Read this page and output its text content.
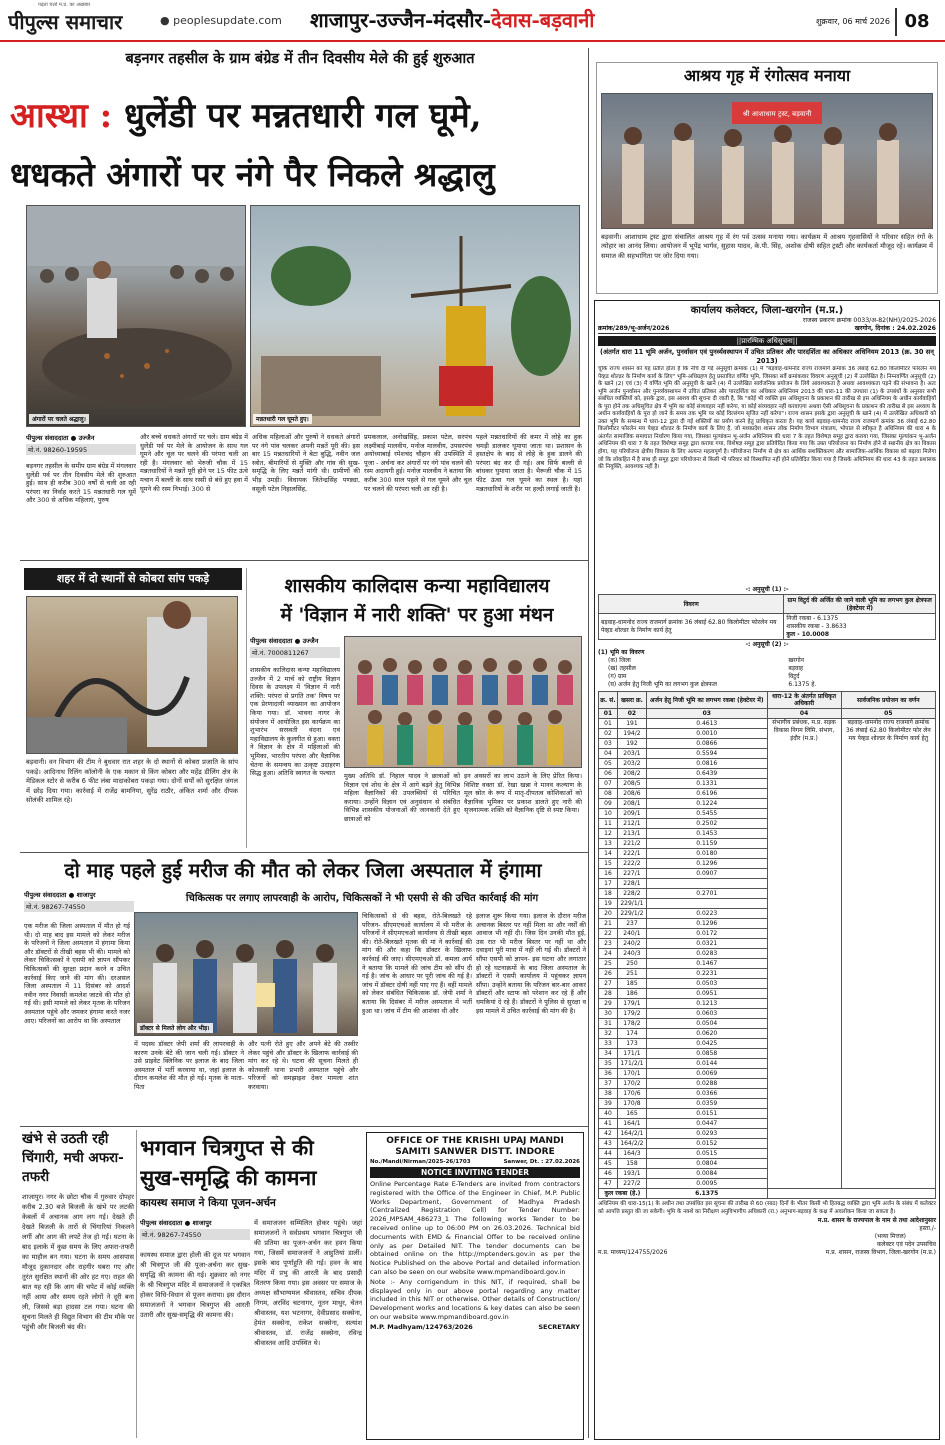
पढ़ता चलो म.प्र. का अख़बार
पीपुल्स समाचार	● peoplesupdate.com	शाजापुर-उज्जैन-मंदसौर-देवास-बड़वानी	शुक्रवार, 06 मार्च 2026 08
बड़नगर तहसील के ग्राम बंग्रेड में तीन दिवसीय मेले की हुई शुरुआत
आस्था : धुलेंडी पर मन्नतधारी गल घूमे,
धधकते अंगारों पर नंगे पैर निकले श्रद्धालु
अंगारों पर चलते श्रद्धालु।	मन्नतधारी गल घूमते हुए।
पीपुल्स संवाददाता ● उज्जैन
मो.नं. 98260-19595
बड़नगर तहसील के समीप ग्राम बंग्रेड में मंगलवार धुलेंडी पर्व पर तीन दिवसीय मेले की शुरुआत हुई। साथ ही करीब 300 वर्षों से चली आ रही परंपरा का निर्वाह करते 15 मन्नतधारी गल घूमें और 300 से अधिक महिलाएं, पुरुष
और बच्चे धधकते अंगारों पर चले। ग्राम बंग्रेड में धुलेंडी पर्व पर मेले के आयोजन के साथ गल घूमने और चूल पर चलने की परंपरा चली आ रही है। मंगलवार को भेरुजी चौक में 15 मन्नतधारियों ने मन्नतें पूरी होने पर 15 फीट ऊंचे मचान में बल्ली के साथ रस्सी से बंधे हुए हवा में घूमने की रस्म निभाई। 300 से
अधिक महिलाओं और पुरुषों ने धधकते अंगारों पर नंगे पांव चलकर अपनी मन्नतें पूरी की। इस बार 15 मन्नतधारियों ने बेटा बुद्धि, नवीन जल स्त्रोत, बीमारियों से मुक्ति और गांव की सुख-समृद्धि के लिए मन्नतें मांगी थी। ग्रामीणों की भीड़ उमड़ी। विधायक जितेन्द्रसिंह पण्ड्या, वसूली पटेल निहालसिंह,
प्रमकलाल, अनोखसिंह, प्रकाश पटेल, सरपंच लक्ष्मीबाई मालवीय, मनोज मालवीय, उपसरपंच अयोध्याबाई रमेशचंद चौहान की उपस्थिति में पूजा - अर्चना कर अंगारों पर नंगे पांव चलने की रस्म अदायगी हुई। मनोज मालवीय ने बताया कि करीब 300 साल पहले से गल घूमने और चूल पर चलने की परंपरा चली आ रही है।
पहले मन्नतधारियों की कमर में लोहे का हुक चमड़ी डालकर घूमाया जाता था। प्रशासन के हस्तक्षेप के बाद से लोहे के हुक डालने की परंपरा बंद कर दी गई। अब सिर्फ बल्ली से बांधकर घुमाया जाता है। भैरूजी चौक में 15 फीट ऊंचा गल घूमने का स्थल है। यहां मन्नतधारियों के शरीर पर हल्दी लगाई जाती है।
आश्रय गृह में रंगोत्सव मनाया
श्री आशाधाम ट्रस्ट, बड़वानी
बड़वानी। आशाधाम ट्रस्ट द्वारा संचालित आश्रय गृह में रंग पर्व उत्सव मनाया गया। कार्यक्रम में आश्रय गृहवासियों ने परिवार सहित रंगों के त्योहार का आनंद लिया। आयोजन में भूपेंद्र भार्गव, सुहास यादव, के.पी. सिंह, अशोक दोषी सहित ट्रस्टी और कार्यकर्ता मौजूद रहे। कार्यक्रम में समाज की सहभागिता पर जोर दिया गया।
शहर में दो स्थानों से कोबरा सांप पकड़े
बड़वानी। वन विभाग की टीम ने बुधवार रात शहर के दो स्थानों से कोबरा प्रजाति के सांप पकड़े। आदिनाथ रिलिंग कॉलोनी के एक मकान से किंग कोबरा और महेंद्र डीलिंग क्षेत्र के मेडिकल स्टोर से करीब 6 फीट लंबा मादाकोबरा पकड़ा गया। दोनों सर्पों को सुरक्षित जंगल में छोड़ दिया गया। कार्रवाई में राजेंद्र बामनिया, सुरेंद्र राठौर, अंकित शर्मा और दीपक सोलंकी शामिल रहे।
शासकीय कालिदास कन्या महाविद्यालय
में 'विज्ञान में नारी शक्ति' पर हुआ मंथन
पीपुल्स संवाददाता ● उज्जैन
मो.नं. 7000811267
शासकीय कालिदास कन्या महाविद्यालय उज्जैन में 2 मार्च को राष्ट्रीय विज्ञान दिवस के उपलक्ष्य में 'विज्ञान में नारी शक्ति: परंपरा से प्रगति तक' विषय पर एक प्रेरणादायी व्याख्यान का आयोजन किया गया। डॉ. भावना नागर के संयोजन में आयोजित इस कार्यक्रम का शुभारंभ सरस्वती वंदना एवं महाविद्यालय के कुलगीत से हुआ। वक्ता ने विज्ञान के क्षेत्र में महिलाओं की भूमिका, भारतीय परंपरा और वैज्ञानिक चेतना के समन्वय का उत्कृष्ट उदाहरण सिद्ध हुआ। अतिथि स्वागत के पश्चात	मुख्य अतिथि डॉ. निहाल यादव ने छात्राओं को विज्ञान एवं शोध के क्षेत्र में आगे बढ़ने हेतु विभिन्न महिला वैज्ञानिकों की उपलब्धियों से परिचित कराया। उन्होंने विज्ञान एवं अनुसंधान से संबंधित विभिन्न शासकीय योजनाओं की जानकारी देते हुए छात्राओं को
इन अवसरों का लाभ उठाने के लिए प्रेरित किया। विशिष्ट वक्ता डॉ. रेखा खन्ना ने मानव कल्याण के मूल स्रोत के रूप में मातृ-दीपतत्व कोशिकाओं को वैज्ञानिक भूमिका पर प्रकाश डालते हुए नारी की सृजनात्मक शक्ति को वैज्ञानिक दृष्टि से स्पष्ट किया।
दो माह पहले हुई मरीज की मौत को लेकर जिला अस्पताल में हंगामा
पीपुल्स संवाददाता ● शाजापुर
मो.नं. 98267-74550
चिकित्सक पर लगाए लापरवाही के आरोप, चिकित्सकों ने भी एसपी से की उचित कार्रवाई की मांग
एक मरीज की जिला अस्पताल में मौत हो गई थी। दो माह बाद इस मामले को लेकर मरीज के परिजनों ने जिला अस्पताल में हंगामा किया और डॉक्टरों से तीखी बहस भी की। मामले को लेकर चिकित्सकों ने एसपी को ज्ञापन सौंपकर चिकित्सकों की सुरक्षा प्रदान करने व उचित कार्रवाई किए जाने की मांग की। दरअसल जिला अस्पताल में 11 दिसंबर को आदर्श नवीन नगर निवासी कमलेश जाटवे की मौत हो गई थी। इसी मामले को लेकर मृतक के परिजन अस्पताल पहुंचे और जमकर हंगामा करते नजर आए। परिजनों का आरोप था कि अस्पताल
डॉक्टर से मिलते लोग और भीड़।
में पदस्थ डॉक्टर जेपी शर्मा की लापरवाही के कारण उनके बेटे की जान चली गई। डॉक्टर ने उसे प्राइवेट क्लिनिक पर इलाज के बाद जिला अस्पताल में भर्ती करवाया था, जहां इलाज के दौरान कमलेश की मौत हो गई। मृतक के माता-पिता
और पत्नी रोते हुए और अपने बेटे की तस्वीर लेकर पहुंचे और डॉक्टर के खिलाफ कार्रवाई की मांग कर रहे थे। घटना की सूचना मिलते ही कोतवाली थाना प्रभारी अस्पताल पहुंचे और परिजनों को समझाइश देकर मामला शांत करवाया।
चिकित्सकों से की बहस, रोते-बिलखते रहे परिजन- सीएमएचओ कार्यालय में भी मरीज के परिजनों ने सीएमएचओ कार्यालय से तीखी बहस की। रोते-बिलखते मृतक की मां ने कार्रवाई की मांग की और कहा कि डॉक्टर के खिलाफ कार्रवाई की जाए। सीएमएचओ डॉ. कमला आर्य ने बताया कि मामले की जांच टीम को सौंप दी गई है। जांच के आधार पर पूरी जांच की गई है। जांच में डॉक्टर दोषी नहीं पाए गए हैं। वहीं मामले को लेकर संबंधित चिकित्सक डॉ. जेपी शर्मा ने बताया कि दिसंबर में मरीज अस्पताल में भर्ती हुआ था। जांच में टीम की आशंका थी और
इलाज शुरू किया गया। इलाज के दौरान मरीज अचानक बिस्तर पर नहीं मिला था और नर्सों की आवाज भी नहीं दी। जिस दिन उनकी मौत हुई, उस रात भी मरीज बिस्तर पर नहीं था और दवाइयां पूरी मात्रा में नहीं ली गई थी। डॉक्टरों ने सौंपा एसपी को ज्ञापन- इस घटना और लगातार हो रहे घटनाक्रमों के बाद जिला अस्पताल के डॉक्टरों ने एसपी कार्यालय में पहुंचकर ज्ञापन सौंपा। उन्होंने बताया कि परिजन बार-बार आकर डॉक्टरों और स्टाफ को परेशान कर रहे हैं और धमकियां दे रहे हैं। डॉक्टरों ने पुलिस से सुरक्षा व इस मामले में उचित कार्रवाई की मांग की है।
खंभे से उठती रही चिंगारी, मची अफरा-तफरी
शाजापुर। नगर के छोटा चौक में गुरुवार दोपहर करीब 2.30 बजे बिजली के खंभे पर लटकी केबलों में अचानक आग लग गई। देखते ही देखते बिजली के तारों से चिंगारियां निकलने लगीं और आग की लपटें तेज हो गईं। घटना के बाद इलाके में कुछ समय के लिए अफरा-तफरी का माहौल बन गया। घटना के समय आसपास मौजूद दुकानदार और राहगीर घबरा गए और तुरंत सुरक्षित स्थानों की ओर हट गए। राहत की बात यह रही कि आग की चपेट में कोई व्यक्ति नहीं आया और समय रहते लोगों ने दूरी बना ली, जिससे बड़ा हादसा टल गया। घटना की सूचना मिलते ही विद्युत विभाग की टीम मौके पर पहुंची और बिजली बंद की।
भगवान चित्रगुप्त से की
सुख-समृद्धि की कामना
कायस्थ समाज ने किया पूजन-अर्चन
पीपुल्स संवाददाता ● शाजापुर
मो.नं. 98267-74550
कायस्थ समाज द्वारा होली की दूज पर भगवान श्री चित्रगुप्त जी की पूजा-अर्चना कर सुख-समृद्धि की कामना की गई। शुक्रवार को नगर के श्री चित्रगुप्त मंदिर में समाजजनों ने एकत्रित होकर विधि-विधान से पूजन कराया। इस दौरान समाजजनों ने भगवान चित्रगुप्त की आरती उतारी और सुख-समृद्धि की कामना की।
में समाजजन सम्मिलित होकर पहुंचे। जहां समाजजनों ने सर्वप्रथम भगवान चित्रगुप्त जी की प्रतिमा का पूजन-अर्चन कर हवन किया गया, जिसमें समाजजनों ने आहुतियां डालीं। इसके बाद पूर्णाहुति की गई। हवन के बाद मंदिर में प्रभु की आरती के बाद प्रसादी वितरण किया गया। इस अवसर पर समाज के अध्यक्ष सौभाग्यमल श्रीवास्तव, सचिव दीपक निगम, अरविंद चटनागर, नूतन माथुर, चेतन श्रीवास्तव, यश भटनागर, देवीप्रसाद सक्सेना, हेमंत सक्सेना, राकेश सक्सेना, सत्यांश श्रीवास्तव, डॉ. राजेंद्र सक्सेना, रविन्द्र श्रीवास्तव आदि उपस्थित थे।
OFFICE OF THE KRISHI UPAJ MANDI
SAMITI SANWER DISTT. INDORE
No./Mandi/Nirman/2025-26/1703	Sanwer, Dt. : 27.02.2026
NOTICE INVITING TENDER
Online Percentage Rate E-Tenders are invited from contractors registered with the Office of the Engineer in Chief, M.P. Public Works Department, Government of Madhya Pradesh (Centralized Registration Cell) for Tender Number: 2026_MPSAM_486273_1 The following works Tender to be received online up to 06:00 PM on 26.03.2026. Technical bid documents with EMD & Financial Offer to be received online only as per Detailed NIT. The tender documents can be obtained online on the http://mptenders.gov.in as per the Notice Published on the above Portal and detailed information can also be seen on our website www.mpmandiboard.gov.in
Note :- Any corrigendum in this NIT, if required, shall be displayed only in our above portal regarding any matter included in this NIT or otherwise. Other details of Construction/ Development works and locations & key dates can also be seen on our website www.mpmandiboard.gov.in
M.P. Madhyam/124763/2026	SECRETARY
कार्यालय कलेक्टर, जिला-खरगोन (म.प्र.)
राजस्व प्रकरण क्रमांक 0033/अ-82(NH)/2025-2026
क्रमांक/289/भू-अर्जन/2026	खरगोन, दिनांक : 24.02.2026
||प्रारम्भिक अधिसूचना||
(अंतर्गत धारा 11 भूमि अर्जन, पुनर्वासन एवं पुनर्व्यवस्थापन में उचित प्रतिकर और पारदर्शिता का अधिकार अधिनियम 2013 (क्र. 30 सन् 2013)
चूंकि राज्य शासन को यह प्रतीत होता है कि नीचे दी गई अनुसूची क्रमांक (1) में "बड़वाह-धामनोद राज्य राजमार्ग क्रमांक 36 लंबाई 62.80 किलोमीटर फोरलेन मय पेव्हड शोल्डर के निर्माण कार्य के लिए" भूमि-अधिग्रहण हेतु प्रस्तावित वर्णित भूमि, जिसका सर्वे क्रमांकवार विवरण अनुसूची (2) में उल्लेखित है। निम्नवर्णित अनुसूची (2) के खाने (2) एवं (3) में वर्णित भूमि की अनुसूची के खाने (4) में उल्लेखित सार्वजनिक प्रयोजन के लिये आवश्यकता है अथवा आवश्यकता पड़ने की संभावना है। अतः भूमि अर्जन पुनर्वासन और पुनर्व्यवस्थापन में उचित प्रतिकर और पारदर्शिता का अधिकार अधिनियम 2013 की धारा-11 की उपधारा (1) के उपबंधों के अनुसार सभी संबंधित व्यक्तियों को, इसके द्वारा, इस आशय की सूचना दी जाती है, कि "कोई भी व्यक्ति इस अधिसूचना के प्रकाशन की तारीख से इस अधिनियम के अधीन कार्यवाहियों के पूरा होने तक अधिसूचित क्षेत्र में भूमि का कोई संव्यवहार नहीं करेगा, या कोई संव्यवहार नहीं करवाएगा अथवा ऐसी अधिसूचना के प्रकाशन की तारीख से इस अध्याय के अधीन कार्यवाहियों के पूरा हो जाने के समय तक भूमि पर कोई विल्लंगम सृजित नहीं करेगा"। राज्य शासन इसके द्वारा अनुसूची के खाने (4) में उल्लेखित अधिकारी को उक्त भूमि के सम्बन्ध में धारा-12 द्वारा दी गई शक्तियों का प्रयोग करने हेतु प्राधिकृत करता है। यह कार्य बड़वाह-धामनोद राज्य राजमार्ग क्रमांक 36 लंबाई 62.80 किलोमीटर फोरलेन मय पेव्हड शोल्डर के निर्माण कार्य के लिए है, जो मध्यप्रदेश शासन लोक निर्माण विभाग मंत्रालय, भोपाल से स्वीकृत है अधिनियम की धारा 4 के अंतर्गत सामाजिक समाघात निर्धारण किया गया, जिसका मूल्यांकन भू-अर्जन अधिनियम की धारा 7 के तहत विशेषज्ञ समूह द्वारा कराया गया, जिसका मूल्यांकन भू-अर्जन अधिनियम की धारा 7 के तहत विशेषज्ञ समूह द्वारा कराया गया, विशेषज्ञ समूह द्वारा प्रतिवेदित किया गया कि उक्त परियोजना का निर्माण होने से स्थानीय क्षेत्र का विकास होगा, यह परियोजना क्षेत्रीय विकास के लिए अत्यन्त महत्वपूर्ण है। परियोजना निर्माण से क्षेत्र का आर्थिक सशक्तिकरण और सामाजिक-आर्थिक विकास को बढ़ावा मिलेगा जो कि लोकहित में है साथ ही समूह द्वारा परियोजना से किसी भी परिवार को विस्थापित नहीं होने प्रतिवेदित किया गया है जिसके अधिनियम की धारा 43 के तहत प्रशासक की नियुक्ति, आवश्यक नहीं है।
-: अनुसूची (1) :-
विवरण	ग्राम विटुर्द की अर्जित की जाने वाली भूमि का लगभग कुल क्षेत्रफल (हेक्टेयर में)
बड़वाह-धामनोद राज्य राजमार्ग क्रमांक 36 लंबाई 62.80 किलोमीटर फोरलेन मय पेव्हड शोल्डर के निर्माण कार्य हेतु	निजी रकबा - 6.1375
शासकीय रकबा - 3.8633
कुल - 10.0008
-: अनुसूची (2) :-
(1) भूमि का विवरण
(क) जिला	खरगोन
(ख) तहसील	बड़वाह
(ग) ग्राम	विटुर्द
(घ) अर्जन हेतु निजी भूमि का लगभग कुल क्षेत्रफल	6.1375 हे.
क्र. सं.	खसरा क्र.	अर्जन हेतु निजी भूमि का लगभग रकबा (हेक्टेयर में)	धारा-12 के अंतर्गत प्राधिकृत अधिकारी	सार्वजनिक प्रयोजन का वर्णन
01	02	03	04	05
01	191	0.4613	संभागीय प्रबंधक, म.प्र. सड़क विकास निगम लिमि. संभाग, इंदौर (म.प्र.)	बड़वाह-धामनोद राज्य राजमार्ग क्रमांक 36 लंबाई 62.80 किलोमीटर फोर लेन मय पेव्हड शोल्डर के निर्माण कार्य हेतु
02	194/2	0.0010		
03	192	0.0866		
04	203/1	0.5594		
05	203/2	0.0816		
06	208/2	0.6439		
07	208/5	0.1331		
08	208/6	0.6196		
09	208/1	0.1224		
10	209/1	0.5455		
11	212/1	0.2502		
12	213/1	0.1453		
13	221/2	0.1159		
14	222/1	0.0180		
15	222/2	0.1296		
16	227/1	0.0907		
17	228/1			
18	228/2	0.2701		
19	229/1/1			
20	229/1/2	0.0223		
21	237	0.1296		
22	240/1	0.0172		
23	240/2	0.0321		
24	240/3	0.0283		
25	250	0.1467		
26	251	0.2231		
27	185	0.0503		
28	186	0.0951		
29	179/1	0.1213		
30	179/2	0.0603		
31	178/2	0.0504		
32	174	0.0620		
33	173	0.0425		
34	171/1	0.0858		
35	171/2/1	0.0144		
36	170/1	0.0069		
37	170/2	0.0288		
38	170/6	0.0366		
39	170/8	0.0359		
40	165	0.0151		
41	164/1	0.0447		
42	164/2/1	0.0293		
43	164/2/2	0.0152		
44	164/3	0.0515		
45	158	0.0804		
46	193/1	0.0084		
47	227/2	0.0095		
कुल रकबा (हे.)		6.1375		
अधिनियम की धारा-15(1) के अधीन तथा उपबंधित इस सूचना की तारीख से 60 (साठ) दिनों के भीतर किसी भी हितबद्ध व्यक्ति द्वारा भूमि अर्जन के संबंध में कलेक्टर को आपत्ति प्रस्तुत की जा सकेगी। भूमि के नक्शे का निरीक्षण अनुविभागीय अधिकारी (रा.) अनुभाग-बड़वाह के कक्ष में अवलोकन किया जा सकता है।
म.प्र. शासन के राज्यपाल के नाम से तथा आदेशानुसार
हस्ता./-
(भव्या मित्तल)
कलेक्टर एवं पदेन उपसचिव
म.प्र. माध्यम/124755/2026	म.प्र. शासन, राजस्व विभाग, जिला-खरगोन (म.प्र.)
